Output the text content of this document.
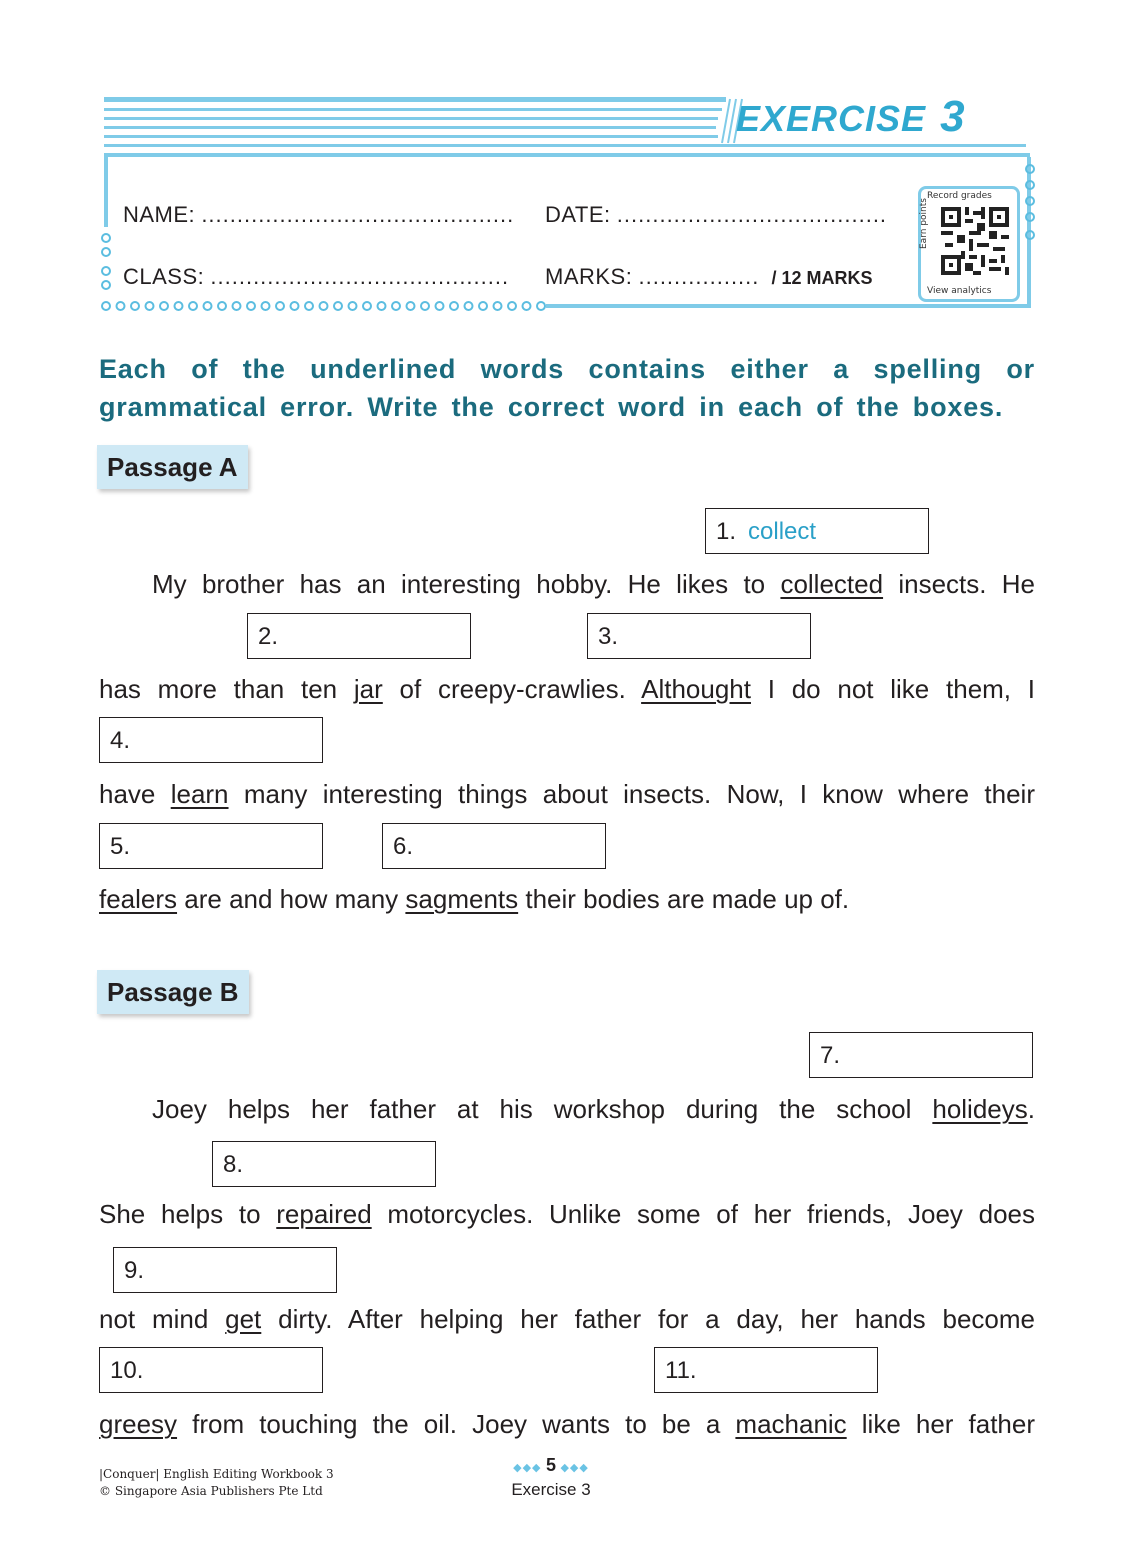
EXERCISE 3
NAME: ............................................ DATE: ......................................
CLASS: .......................................... MARKS: ................. / 12 MARKS
Record grades
Earn points
View analytics
Each of the underlined words contains either a spelling or grammatical error. Write the correct word in each of the boxes.
Passage A
1. collect
My brother has an interesting hobby. He likes to collected insects. He
2.	3.
has more than ten jar of creepy-crawlies. Althought I do not like them, I
4.
have learn many interesting things about insects. Now, I know where their
5.	6.
fealers are and how many sagments their bodies are made up of.
Passage B
7.
Joey helps her father at his workshop during the school holideys.
8.
She helps to repaired motorcycles. Unlike some of her friends, Joey does
9.
not mind get dirty. After helping her father for a day, her hands become
10.	11.
greesy from touching the oil. Joey wants to be a machanic like her father
|Conquer| English Editing Workbook 3
© Singapore Asia Publishers Pte Ltd
◆◆◆ 5 ◆◆◆
Exercise 3
